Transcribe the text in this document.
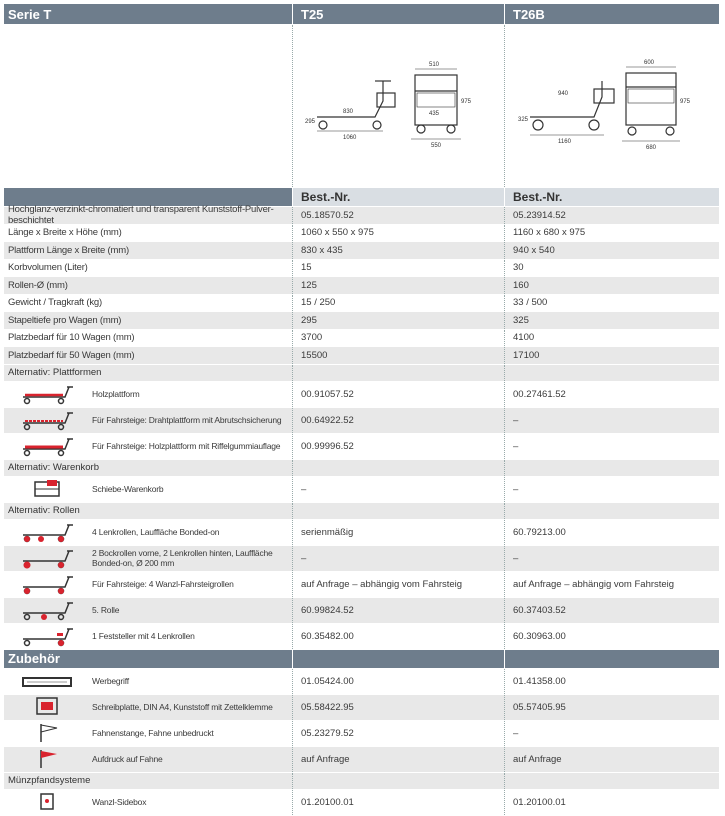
Serie T	T25	T26B
830
1060
295
510
435
550
975
940
1160
325
600
680
975
Best.-Nr.	Best.-Nr.
Hochglanz-verzinkt-chromatiert und transparent Kunststoff-Pulver-beschichtet	05.18570.52	05.23914.52
Länge x Breite x Höhe (mm)	1060 x 550 x 975	1160 x 680 x 975
Plattform Länge x Breite (mm)	830 x 435	940 x 540
Korbvolumen (Liter)	15	30
Rollen-Ø (mm)	125	160
Gewicht / Tragkraft (kg)	15 / 250	33 / 500
Stapeltiefe pro Wagen (mm)	295	325
Platzbedarf für 10 Wagen (mm)	3700	4100
Platzbedarf für 50 Wagen (mm)	15500	17100
Alternativ: Plattformen
Holzplattform	00.91057.52	00.27461.52
Für Fahrsteige: Drahtplattform mit Abrutschsicherung	00.64922.52	–
Für Fahrsteige: Holzplattform mit Riffelgummiauflage	00.99996.52	–
Alternativ: Warenkorb
Schiebe-Warenkorb	–	–
Alternativ: Rollen
4 Lenkrollen, Lauffläche Bonded-on	serienmäßig	60.79213.00
2 Bockrollen vorne, 2 Lenkrollen hinten, Lauffläche Bonded-on, Ø 200 mm	–	–
Für Fahrsteige: 4 Wanzl-Fahrsteigrollen	auf Anfrage – abhängig vom Fahrsteig	auf Anfrage – abhängig vom Fahrsteig
5. Rolle	60.99824.52	60.37403.52
1 Feststeller mit 4 Lenkrollen	60.35482.00	60.30963.00
Zubehör
Werbegriff	01.05424.00	01.41358.00
Schreibplatte, DIN A4, Kunststoff mit Zettelklemme	05.58422.95	05.57405.95
Fahnenstange, Fahne unbedruckt	05.23279.52	–
Aufdruck auf Fahne	auf Anfrage	auf Anfrage
Münzpfandsysteme
Wanzl-Sidebox	01.20100.01	01.20100.01
